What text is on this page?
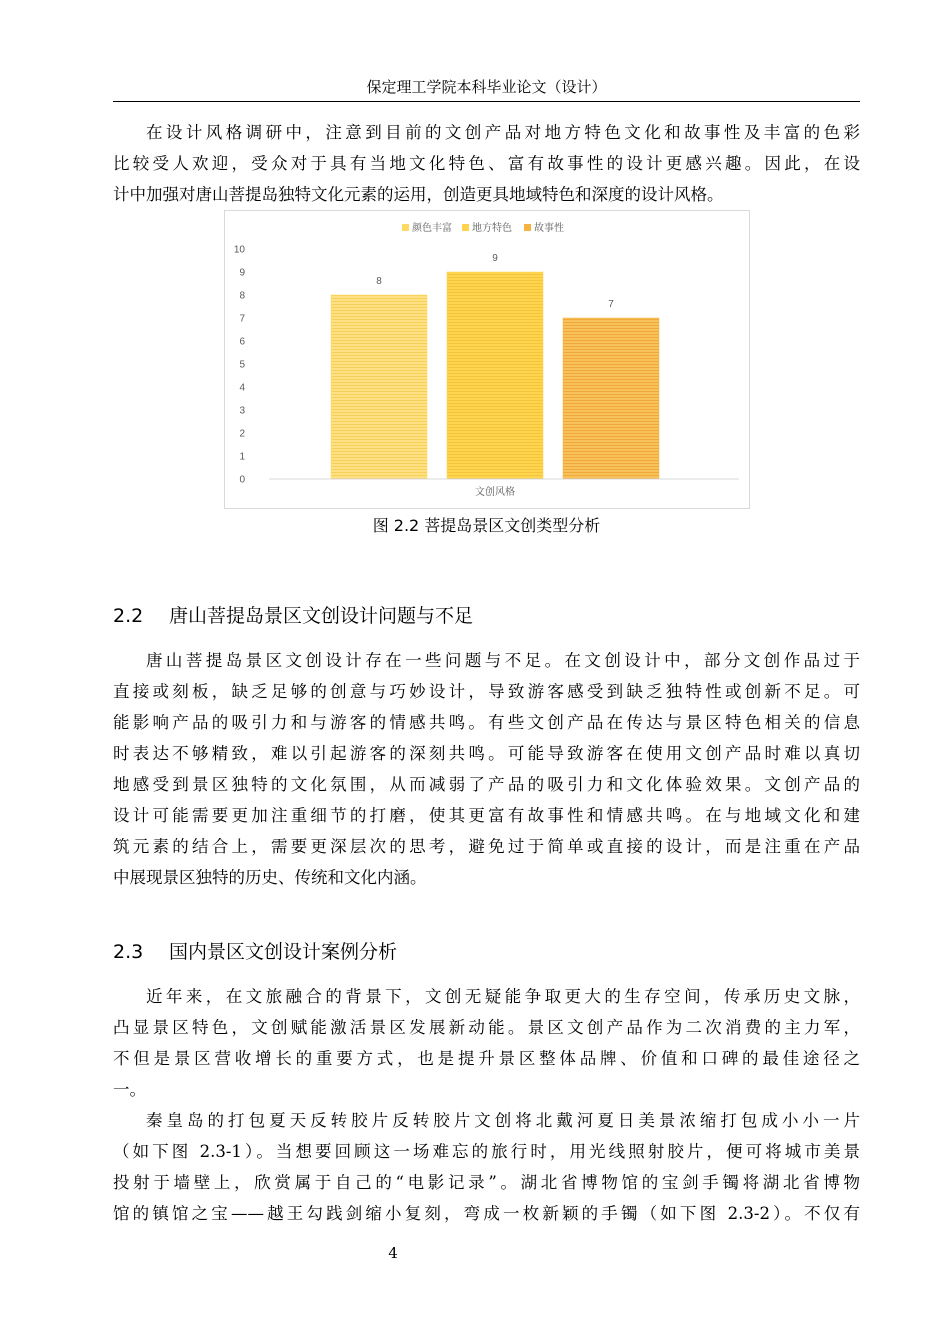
保定理工学院本科毕业论文（设计）
在设计风格调研中，注意到目前的文创产品对地方特色文化和故事性及丰富的色彩
比较受人欢迎，受众对于具有当地文化特色、富有故事性的设计更感兴趣。因此，在设
计中加强对唐山菩提岛独特文化元素的运用，创造更具地域特色和深度的设计风格。
颜色丰富 地方特色 故事性
0
1
2
3
4
5
6
7
8
9
10
8
9
7
文创风格
图 2.2 菩提岛景区文创类型分析
2.2 唐山菩提岛景区文创设计问题与不足
唐山菩提岛景区文创设计存在一些问题与不足。在文创设计中，部分文创作品过于
直接或刻板，缺乏足够的创意与巧妙设计，导致游客感受到缺乏独特性或创新不足。可
能影响产品的吸引力和与游客的情感共鸣。有些文创产品在传达与景区特色相关的信息
时表达不够精致，难以引起游客的深刻共鸣。可能导致游客在使用文创产品时难以真切
地感受到景区独特的文化氛围，从而减弱了产品的吸引力和文化体验效果。文创产品的
设计可能需要更加注重细节的打磨，使其更富有故事性和情感共鸣。在与地域文化和建
筑元素的结合上，需要更深层次的思考，避免过于简单或直接的设计，而是注重在产品
中展现景区独特的历史、传统和文化内涵。
2.3 国内景区文创设计案例分析
近年来，在文旅融合的背景下，文创无疑能争取更大的生存空间，传承历史文脉，
凸显景区特色，文创赋能激活景区发展新动能。景区文创产品作为二次消费的主力军，
不但是景区营收增长的重要方式，也是提升景区整体品牌、价值和口碑的最佳途径之
一。
秦皇岛的打包夏天反转胶片反转胶片文创将北戴河夏日美景浓缩打包成小小一片
（如下图 2.3-1）。当想要回顾这一场难忘的旅行时，用光线照射胶片，便可将城市美景
投射于墙壁上，欣赏属于自己的“电影记录”。湖北省博物馆的宝剑手镯将湖北省博物
馆的镇馆之宝——越王勾践剑缩小复刻，弯成一枚新颖的手镯（如下图 2.3-2）。不仅有
4
